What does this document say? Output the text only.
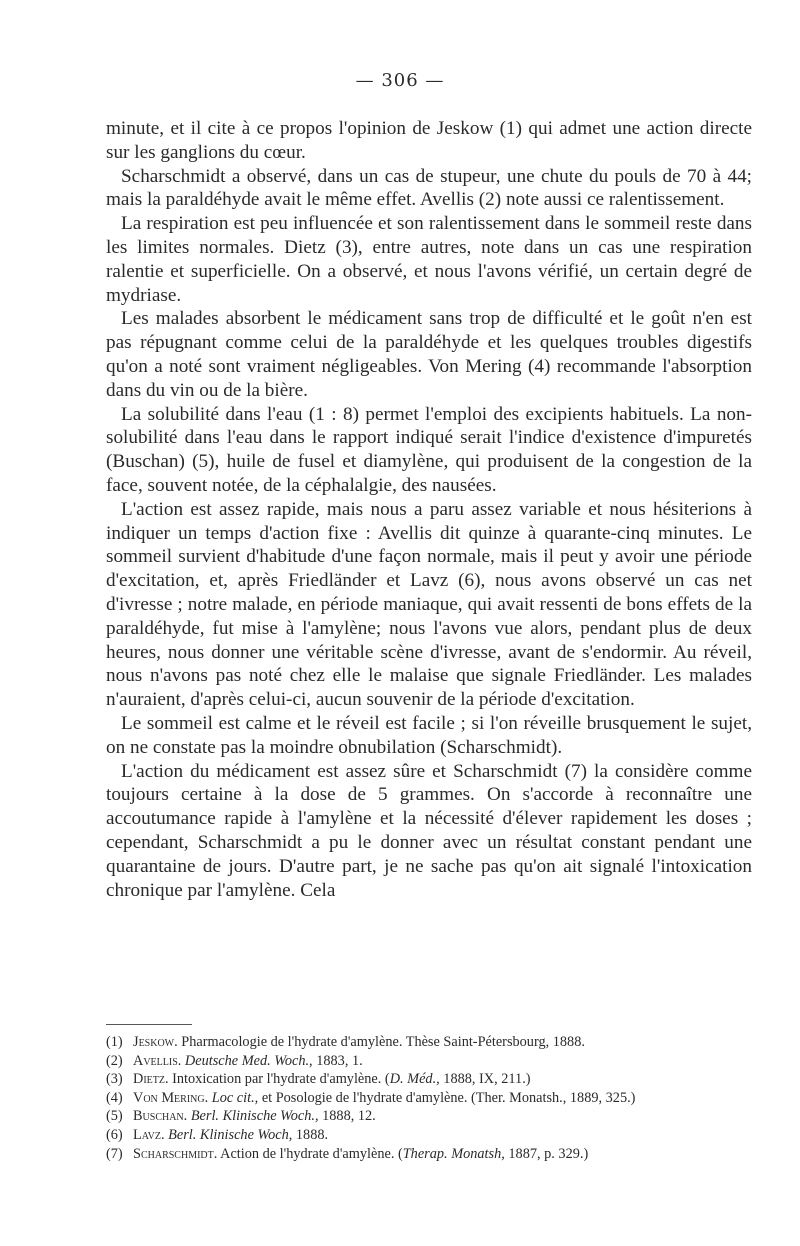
— 306 —

minute, et il cite à ce propos l'opinion de Jeskow (1) qui admet une action directe sur les ganglions du cœur.

Scharschmidt a observé, dans un cas de stupeur, une chute du pouls de 70 à 44; mais la paraldéhyde avait le même effet. Avellis (2) note aussi ce ralentissement.

La respiration est peu influencée et son ralentissement dans le sommeil reste dans les limites normales. Dietz (3), entre autres, note dans un cas une respiration ralentie et superficielle. On a observé, et nous l'avons vérifié, un certain degré de mydriase.

Les malades absorbent le médicament sans trop de difficulté et le goût n'en est pas répugnant comme celui de la paraldéhyde et les quelques troubles digestifs qu'on a noté sont vraiment négligeables. Von Mering (4) recommande l'absorption dans du vin ou de la bière.

La solubilité dans l'eau (1 : 8) permet l'emploi des excipients habituels. La non-solubilité dans l'eau dans le rapport indiqué serait l'indice d'existence d'impuretés (Buschan) (5), huile de fusel et diamylène, qui produisent de la congestion de la face, souvent notée, de la céphalalgie, des nausées.

L'action est assez rapide, mais nous a paru assez variable et nous hésiterions à indiquer un temps d'action fixe : Avellis dit quinze à quarante-cinq minutes. Le sommeil survient d'habitude d'une façon normale, mais il peut y avoir une période d'excitation, et, après Friedländer et Lavz (6), nous avons observé un cas net d'ivresse ; notre malade, en période maniaque, qui avait ressenti de bons effets de la paraldéhyde, fut mise à l'amylène; nous l'avons vue alors, pendant plus de deux heures, nous donner une véritable scène d'ivresse, avant de s'endormir. Au réveil, nous n'avons pas noté chez elle le malaise que signale Friedländer. Les malades n'auraient, d'après celui-ci, aucun souvenir de la période d'excitation.

Le sommeil est calme et le réveil est facile ; si l'on réveille brusquement le sujet, on ne constate pas la moindre obnubilation (Scharschmidt).

L'action du médicament est assez sûre et Scharschmidt (7) la considère comme toujours certaine à la dose de 5 grammes. On s'accorde à reconnaître une accoutumance rapide à l'amylène et la nécessité d'élever rapidement les doses ; cependant, Scharschmidt a pu le donner avec un résultat constant pendant une quarantaine de jours. D'autre part, je ne sache pas qu'on ait signalé l'intoxication chronique par l'amylène. Cela

(1) Jeskow. Pharmacologie de l'hydrate d'amylène. Thèse Saint-Pétersbourg, 1888.

(2) Avellis. Deutsche Med. Woch., 1883, 1.

(3) Dietz. Intoxication par l'hydrate d'amylène. (D. Méd., 1888, IX, 211.)

(4) Von Mering. Loc cit., et Posologie de l'hydrate d'amylène. (Ther. Monatsh., 1889, 325.)

(5) Buschan. Berl. Klinische Woch., 1888, 12.

(6) Lavz. Berl. Klinische Woch, 1888.

(7) Scharschmidt. Action de l'hydrate d'amylène. (Therap. Monatsh, 1887, p. 329.)
